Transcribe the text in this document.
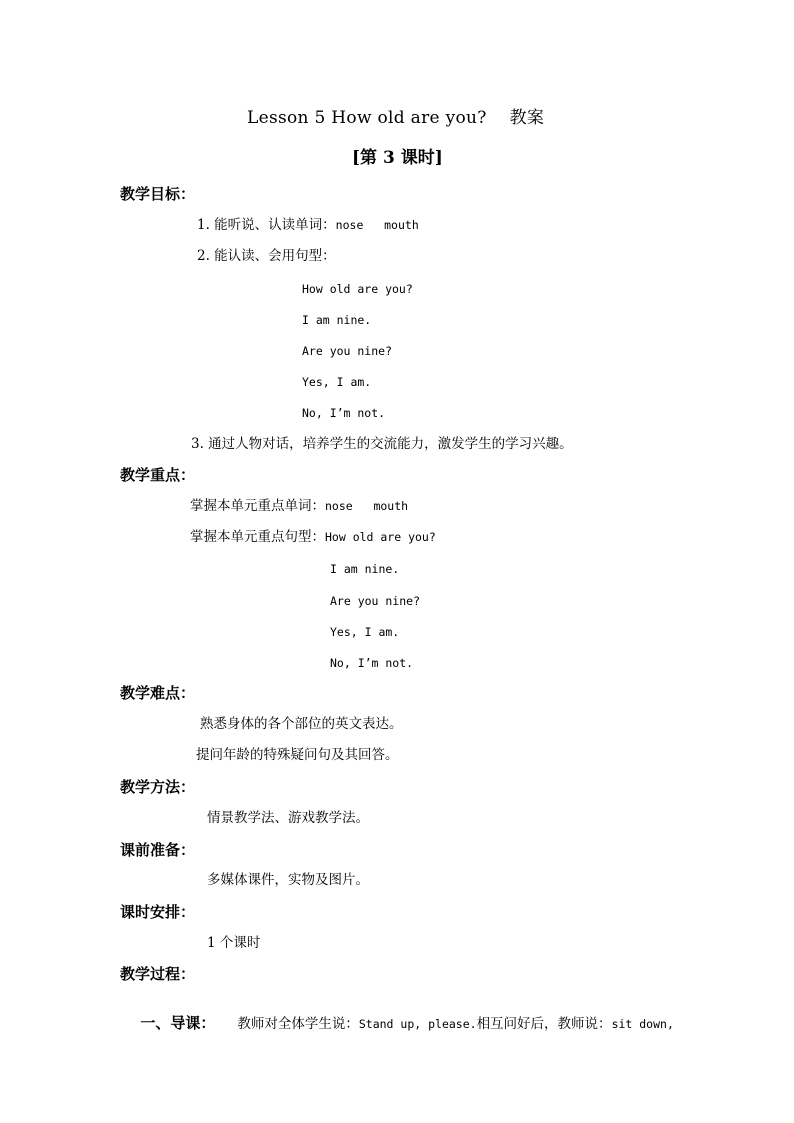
Lesson 5 How old are you?    教案
[第 3 课时]
教学目标：
1. 能听说、认读单词：nose   mouth
2. 能认读、会用句型：
How old are you?
I am nine.
Are you nine?
Yes, I am.
No, I’m not.
3. 通过人物对话，培养学生的交流能力，激发学生的学习兴趣。
教学重点：
掌握本单元重点单词：nose   mouth
掌握本单元重点句型：How old are you?
I am nine.
Are you nine?
Yes, I am.
No, I’m not.
教学难点：
熟悉身体的各个部位的英文表达。
提问年龄的特殊疑问句及其回答。
教学方法：
情景教学法、游戏教学法。
课前准备：
多媒体课件，实物及图片。
课时安排：
1 个课时
教学过程：

一、导课： 教师对全体学生说：Stand up, please.相互问好后，教师说：sit down,
